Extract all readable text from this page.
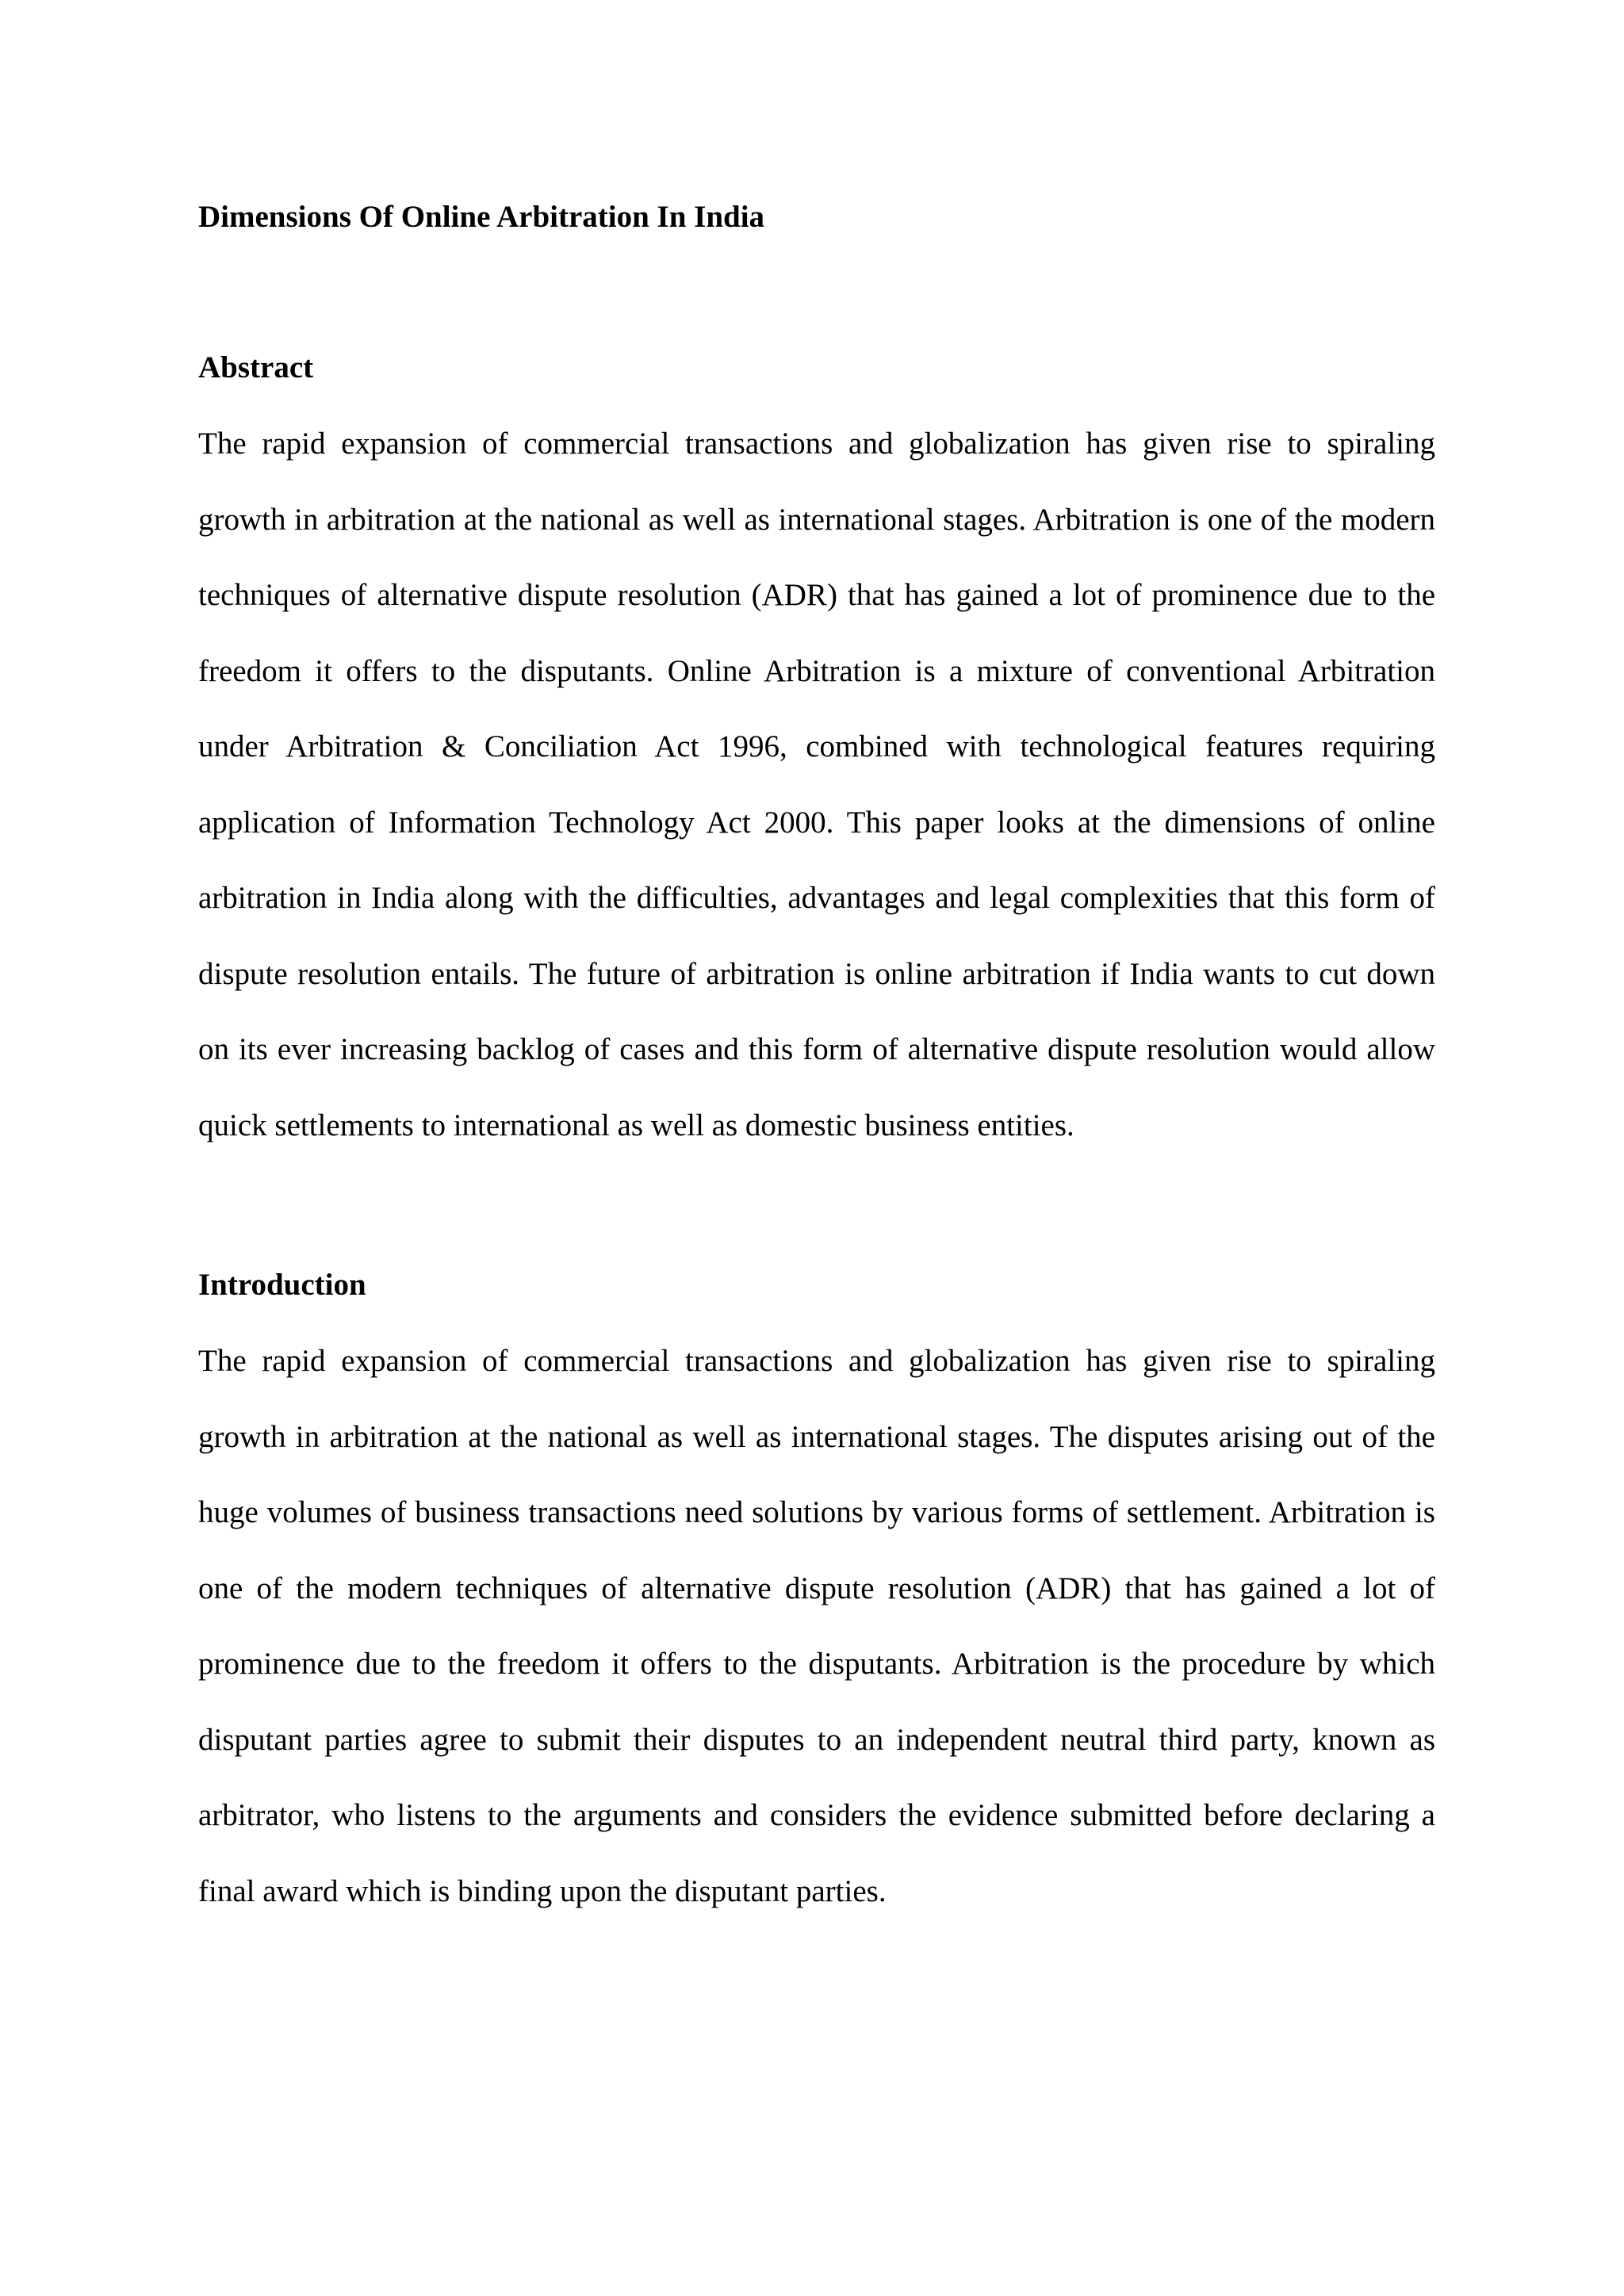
Dimensions Of Online Arbitration In India
Abstract

The rapid expansion of commercial transactions and globalization has given rise to spiraling growth in arbitration at the national as well as international stages. Arbitration is one of the modern techniques of alternative dispute resolution (ADR) that has gained a lot of prominence due to the freedom it offers to the disputants. Online Arbitration is a mixture of conventional Arbitration under Arbitration & Conciliation Act 1996, combined with technological features requiring application of Information Technology Act 2000. This paper looks at the dimensions of online arbitration in India along with the difficulties, advantages and legal complexities that this form of dispute resolution entails. The future of arbitration is online arbitration if India wants to cut down on its ever increasing backlog of cases and this form of alternative dispute resolution would allow quick settlements to international as well as domestic business entities.

Introduction

The rapid expansion of commercial transactions and globalization has given rise to spiraling growth in arbitration at the national as well as international stages. The disputes arising out of the huge volumes of business transactions need solutions by various forms of settlement. Arbitration is one of the modern techniques of alternative dispute resolution (ADR) that has gained a lot of prominence due to the freedom it offers to the disputants. Arbitration is the procedure by which disputant parties agree to submit their disputes to an independent neutral third party, known as arbitrator, who listens to the arguments and considers the evidence submitted before declaring a final award which is binding upon the disputant parties.
